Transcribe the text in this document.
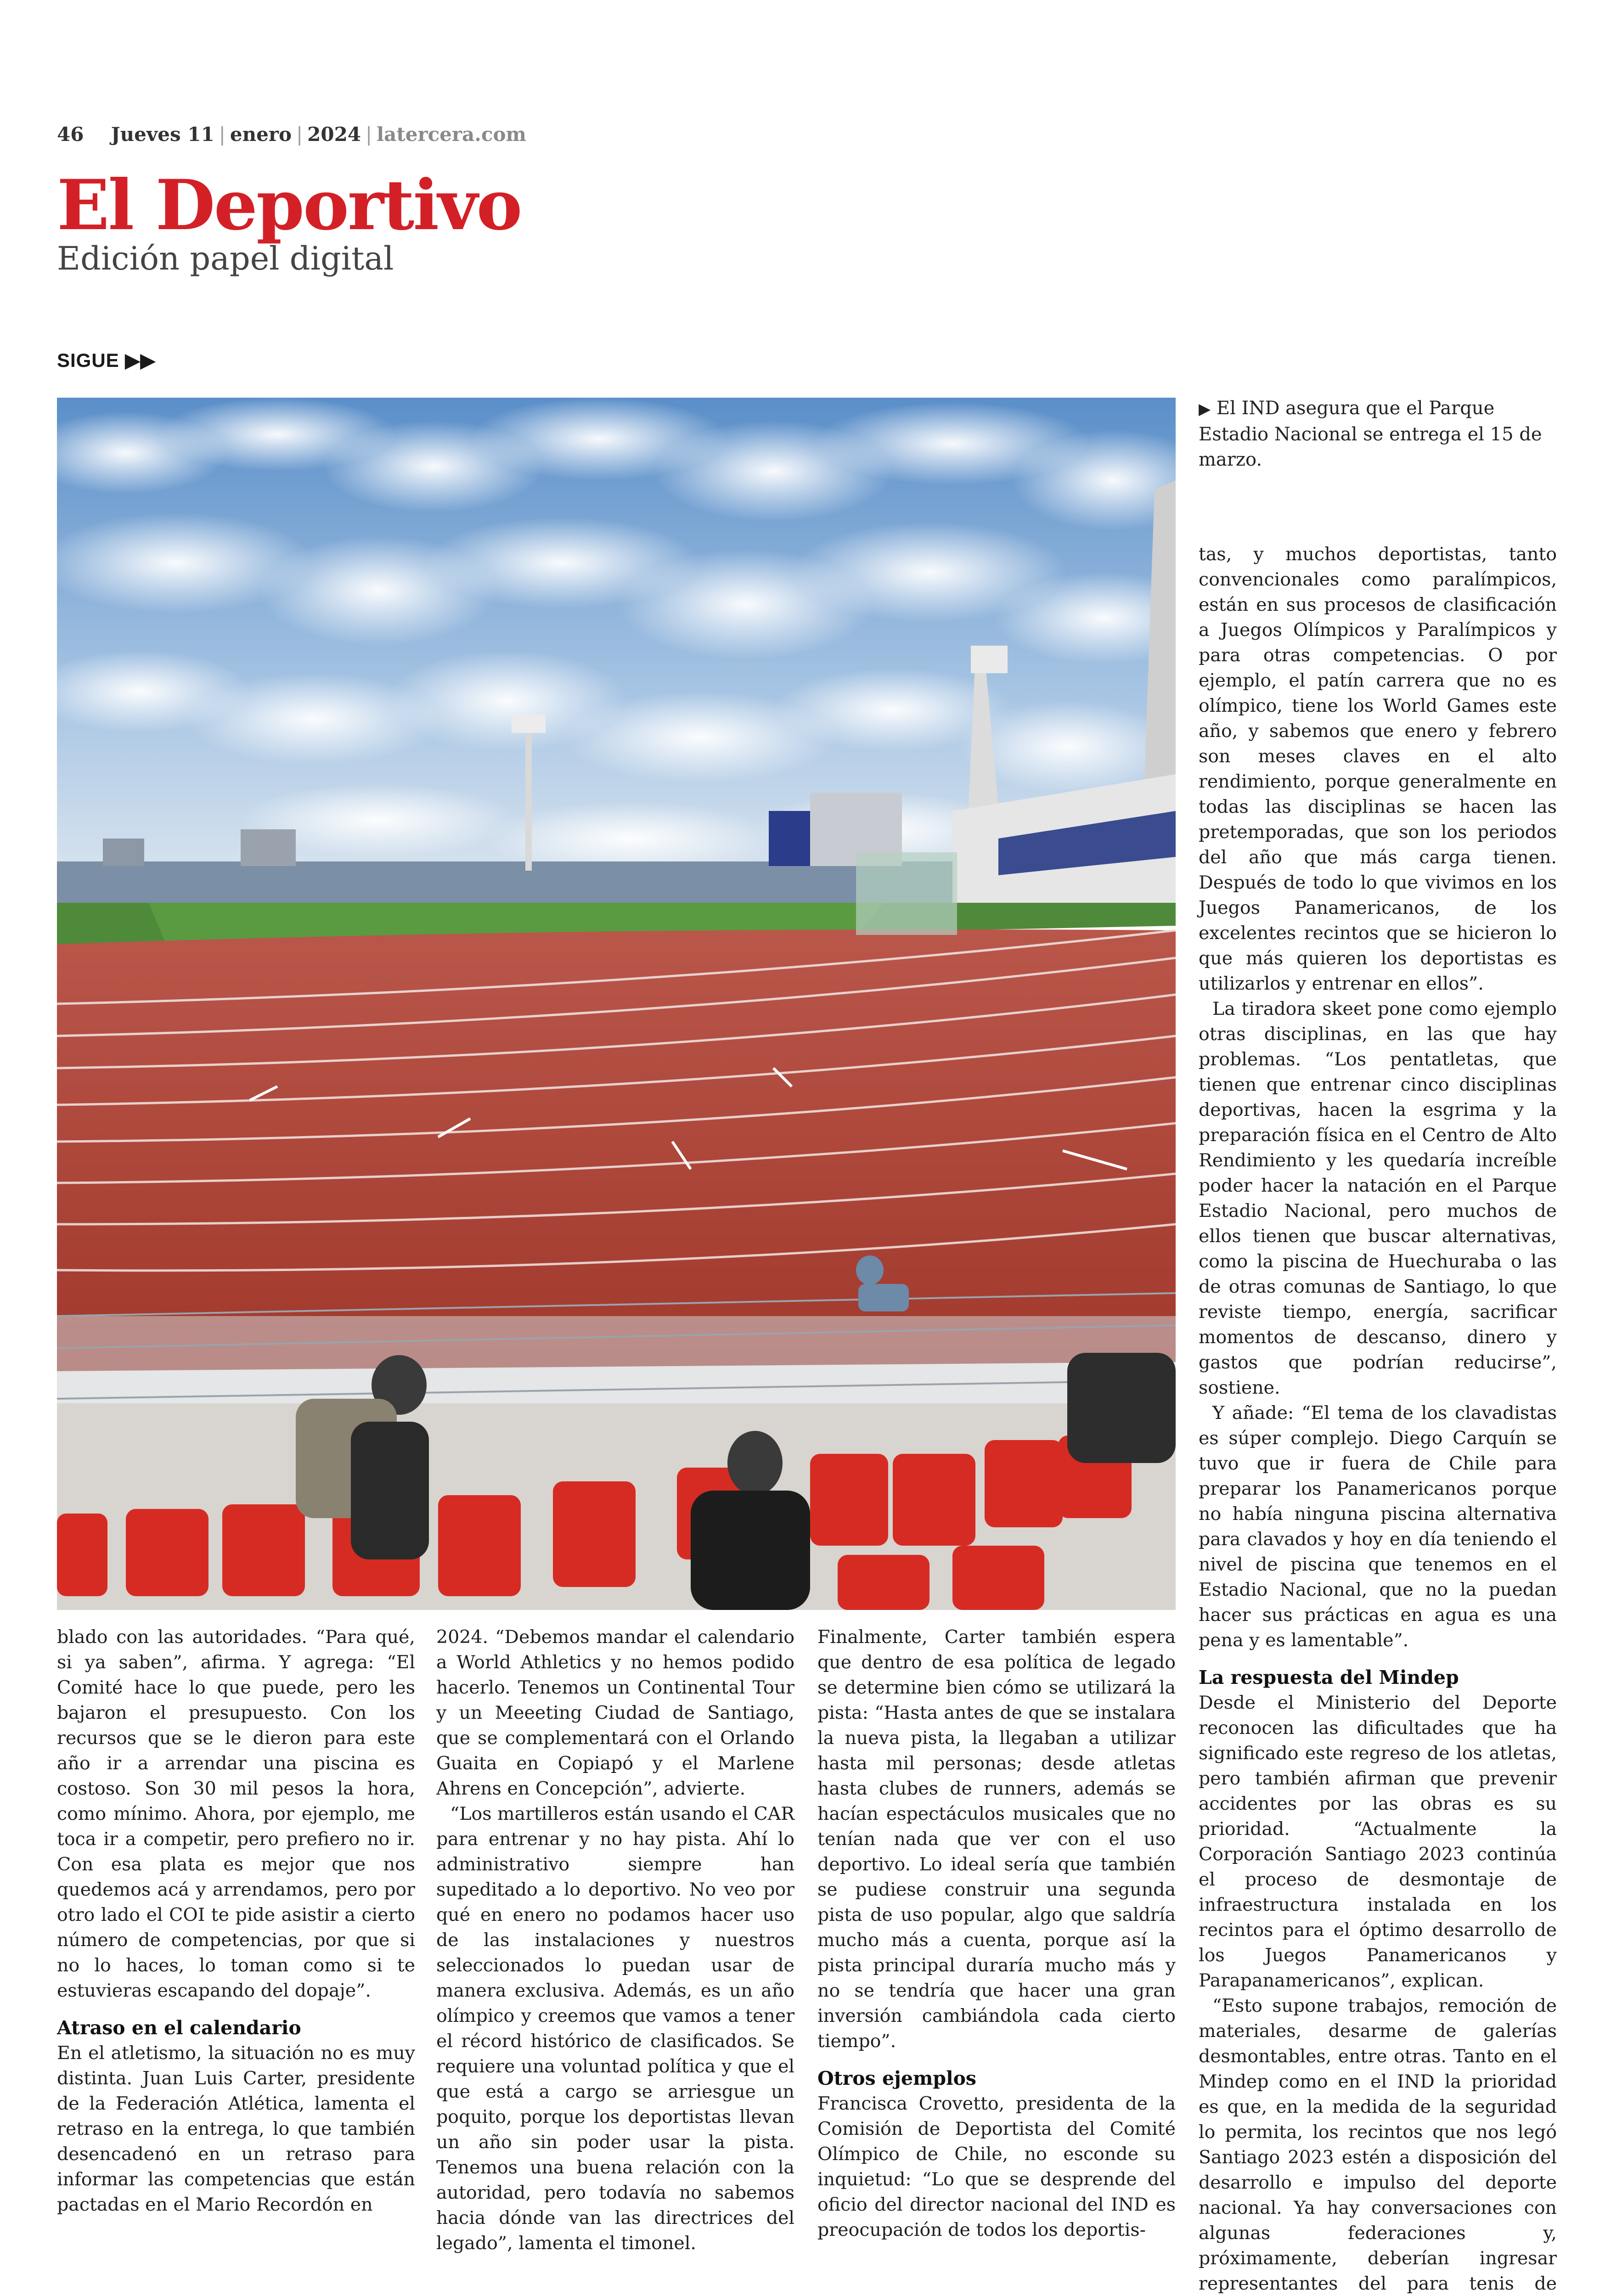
46 Jueves 11 | enero | 2024 | latercera.com
El Deportivo
Edición papel digital
SIGUE ▶▶
▶ El IND asegura que el Parque Estadio Nacional se entrega el 15 de marzo.

tas, y muchos deportistas, tanto convencionales como paralímpicos, están en sus procesos de clasificación a Juegos Olímpicos y Paralímpicos y para otras competencias. O por ejemplo, el patín carrera que no es olímpico, tiene los World Games este año, y sabemos que enero y febrero son meses claves en el alto rendimiento, porque generalmente en todas las disciplinas se hacen las pretemporadas, que son los periodos del año que más carga tienen. Después de todo lo que vivimos en los Juegos Panamericanos, de los excelentes recintos que se hicieron lo que más quieren los deportistas es utilizarlos y entrenar en ellos”.

La tiradora skeet pone como ejemplo otras disciplinas, en las que hay problemas. “Los pentatletas, que tienen que entrenar cinco disciplinas deportivas, hacen la esgrima y la preparación física en el Centro de Alto Rendimiento y les quedaría increíble poder hacer la natación en el Parque Estadio Nacional, pero muchos de ellos tienen que buscar alternativas, como la piscina de Huechuraba o las de otras comunas de Santiago, lo que reviste tiempo, energía, sacrificar momentos de descanso, dinero y gastos que podrían reducirse”, sostiene.

Y añade: “El tema de los clavadistas es súper complejo. Diego Carquín se tuvo que ir fuera de Chile para preparar los Panamericanos porque no había ninguna piscina alternativa para clavados y hoy en día teniendo el nivel de piscina que tenemos en el Estadio Nacional, que no la puedan hacer sus prácticas en agua es una pena y es lamentable”.

La respuesta del Mindep

Desde el Ministerio del Deporte reconocen las dificultades que ha significado este regreso de los atletas, pero también afirman que prevenir accidentes por las obras es su prioridad. “Actualmente la Corporación Santiago 2023 continúa el proceso de desmontaje de infraestructura instalada en los recintos para el óptimo desarrollo de los Juegos Panamericanos y Parapanamericanos”, explican.

“Esto supone trabajos, remoción de materiales, desarme de galerías desmontables, entre otras. Tanto en el Mindep como en el IND la prioridad es que, en la medida de la seguridad lo permita, los recintos que nos legó Santiago 2023 estén a disposición del desarrollo e impulso del deporte nacional. Ya hay conversaciones con algunas federaciones y, próximamente, deberían ingresar representantes del para tenis de

blado con las autoridades. “Para qué, si ya saben”, afirma. Y agrega: “El Comité hace lo que puede, pero les bajaron el presupuesto. Con los recursos que se le dieron para este año ir a arrendar una piscina es costoso. Son 30 mil pesos la hora, como mínimo. Ahora, por ejemplo, me toca ir a competir, pero prefiero no ir. Con esa plata es mejor que nos quedemos acá y arrendamos, pero por otro lado el COI te pide asistir a cierto número de competencias, por que si no lo haces, lo toman como si te estuvieras escapando del dopaje”.

Atraso en el calendario

En el atletismo, la situación no es muy distinta. Juan Luis Carter, presidente de la Federación Atlética, lamenta el retraso en la entrega, lo que también desencadenó en un retraso para informar las competencias que están pactadas en el Mario Recordón en

2024. “Debemos mandar el calendario a World Athletics y no hemos podido hacerlo. Tenemos un Continental Tour y un Meeeting Ciudad de Santiago, que se complementará con el Orlando Guaita en Copiapó y el Marlene Ahrens en Concepción”, advierte.

“Los martilleros están usando el CAR para entrenar y no hay pista. Ahí lo administrativo siempre han supeditado a lo deportivo. No veo por qué en enero no podamos hacer uso de las instalaciones y nuestros seleccionados lo puedan usar de manera exclusiva. Además, es un año olímpico y creemos que vamos a tener el récord histórico de clasificados. Se requiere una voluntad política y que el que está a cargo se arriesgue un poquito, porque los deportistas llevan un año sin poder usar la pista. Tenemos una buena relación con la autoridad, pero todavía no sabemos hacia dónde van las directrices del legado”, lamenta el timonel.

Finalmente, Carter también espera que dentro de esa política de legado se determine bien cómo se utilizará la pista: “Hasta antes de que se instalara la nueva pista, la llegaban a utilizar hasta mil personas; desde atletas hasta clubes de runners, además se hacían espectáculos musicales que no tenían nada que ver con el uso deportivo. Lo ideal sería que también se pudiese construir una segunda pista de uso popular, algo que saldría mucho más a cuenta, porque así la pista principal duraría mucho más y no se tendría que hacer una gran inversión cambiándola cada cierto tiempo”.

Otros ejemplos

Francisca Crovetto, presidenta de la Comisión de Deportista del Comité Olímpico de Chile, no esconde su inquietud: “Lo que se desprende del oficio del director nacional del IND es preocupación de todos los deportis-
